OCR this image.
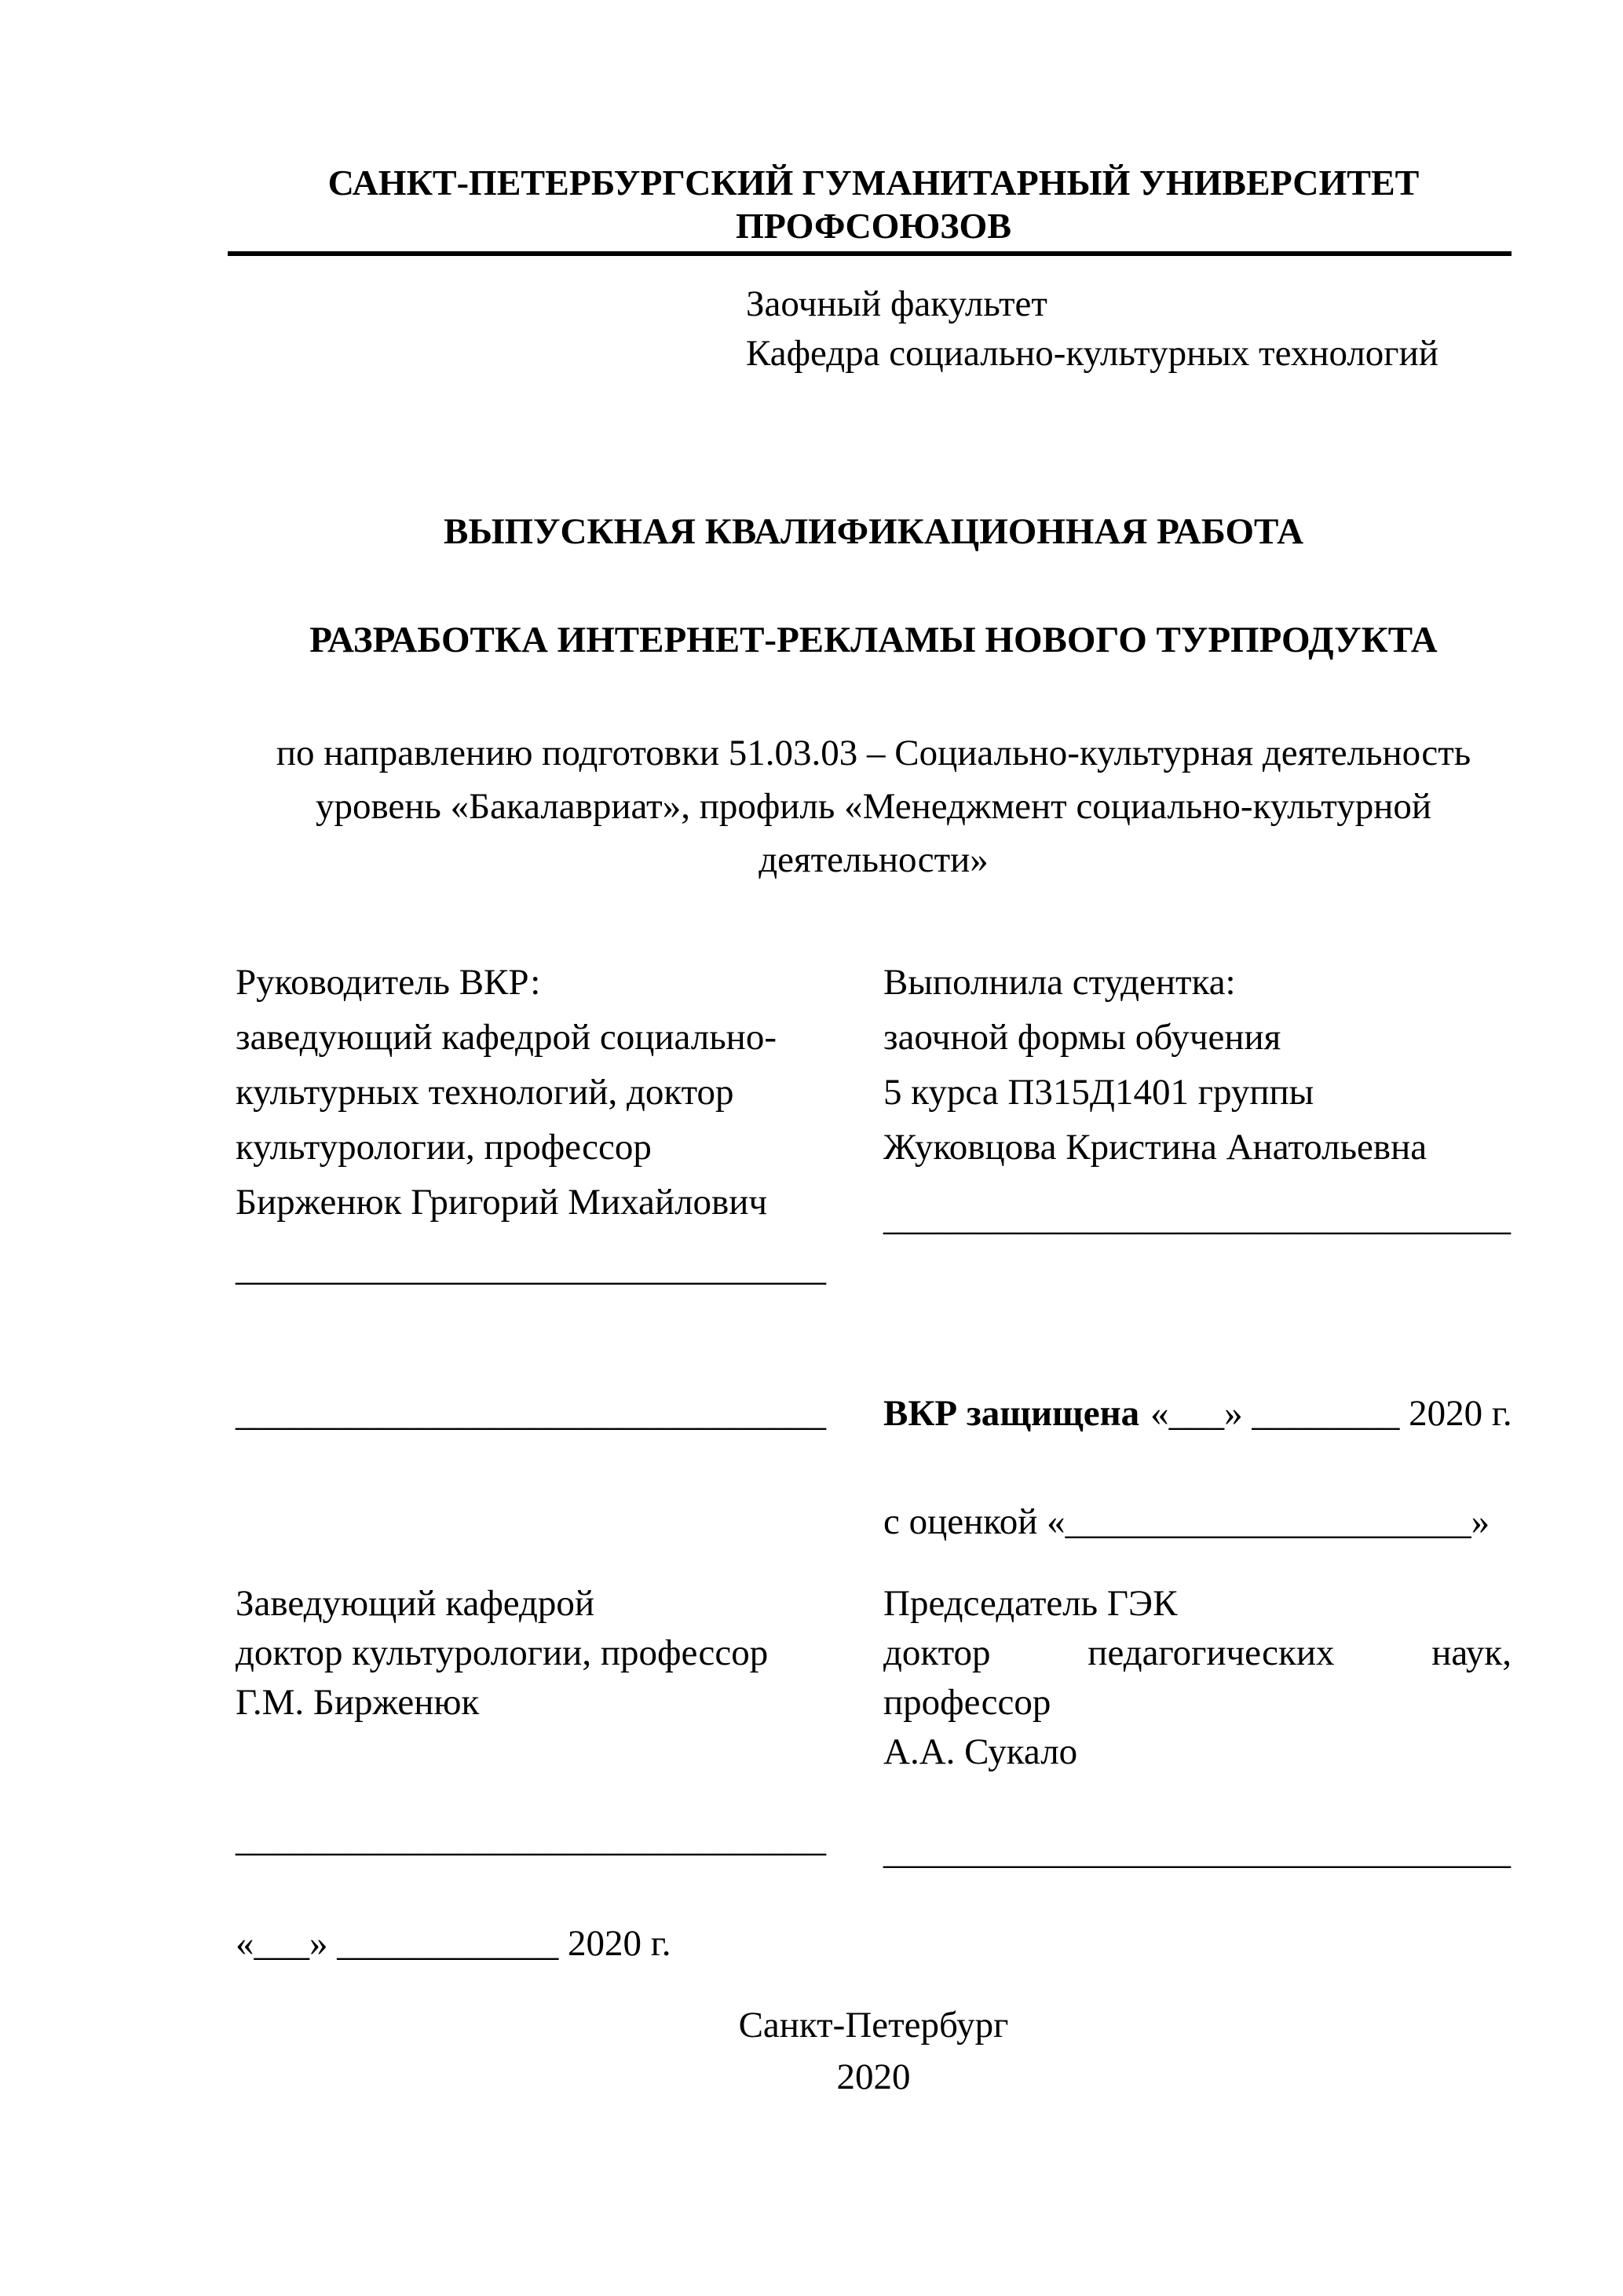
САНКТ-ПЕТЕРБУРГСКИЙ ГУМАНИТАРНЫЙ УНИВЕРСИТЕТ ПРОФСОЮЗОВ
Заочный факультет
Кафедра социально-культурных технологий
ВЫПУСКНАЯ КВАЛИФИКАЦИОННАЯ РАБОТА
РАЗРАБОТКА ИНТЕРНЕТ-РЕКЛАМЫ НОВОГО ТУРПРОДУКТА
по направлению подготовки 51.03.03 – Социально-культурная деятельность
уровень «Бакалавриат», профиль «Менеджмент социально-культурной
деятельности»
Руководитель ВКР:
заведующий кафедрой социально-
культурных технологий, доктор
культурологии, профессор
Бирженюк Григорий Михайлович
________________________________
Выполнила студентка:
заочной формы обучения
5 курса П315Д1401 группы
Жуковцова Кристина Анатольевна
__________________________________
________________________________	ВКР защищена «___» ________ 2020 г.
с оценкой «______________________»
Заведующий кафедрой
доктор культурологии, профессор
Г.М. Бирженюк
Председатель ГЭК
доктор	педагогических	наук,
профессор
А.А. Сукало
________________________________	__________________________________
«___» ____________ 2020 г.
Санкт-Петербург
2020
